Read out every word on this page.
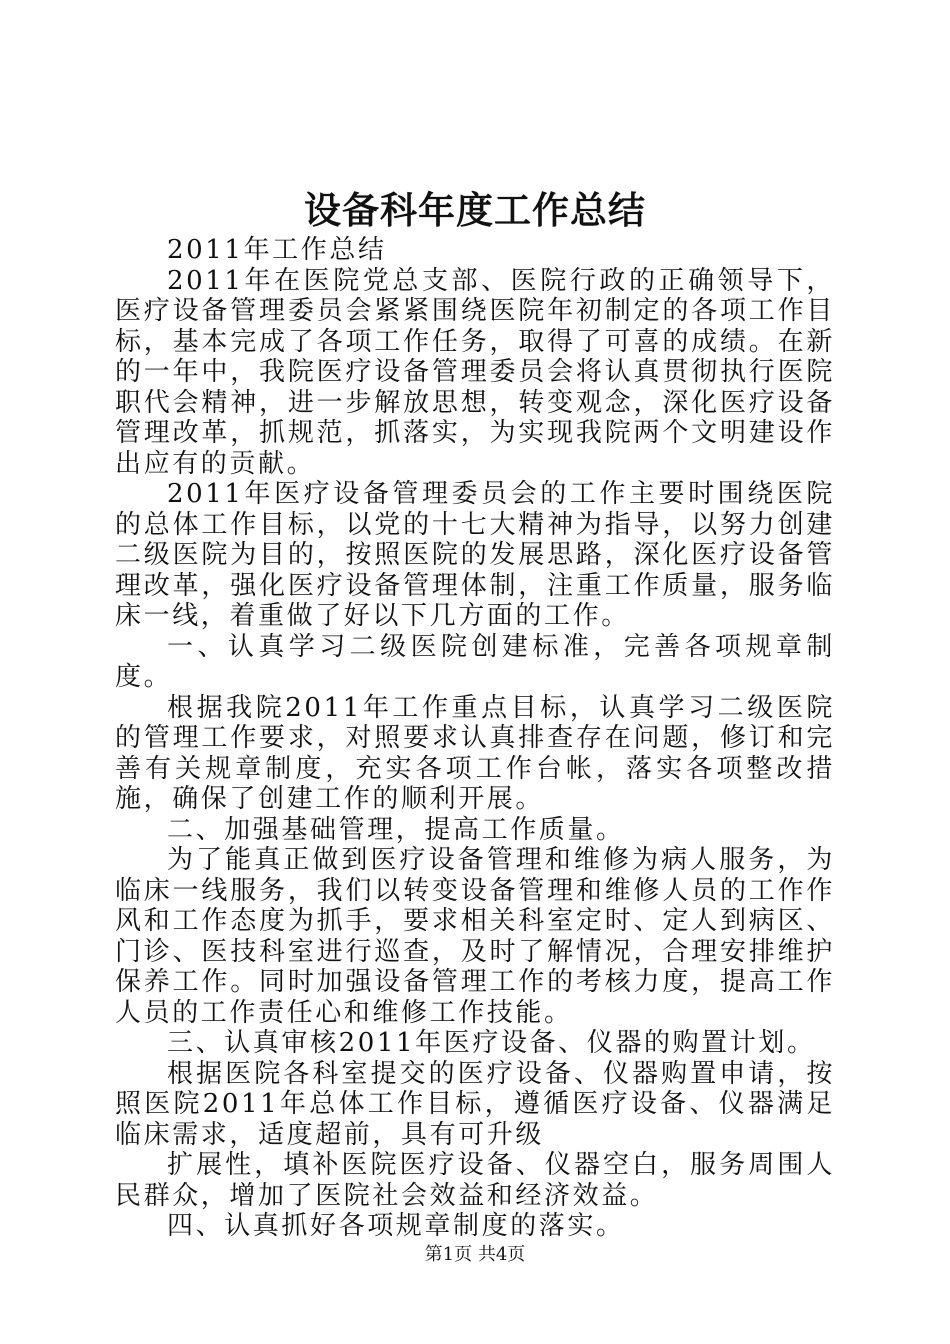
设备科年度工作总结

2011年工作总结

2011年在医院党总支部、医院行政的正确领导下，医疗设备管理委员会紧紧围绕医院年初制定的各项工作目标，基本完成了各项工作任务，取得了可喜的成绩。在新的一年中，我院医疗设备管理委员会将认真贯彻执行医院职代会精神，进一步解放思想，转变观念，深化医疗设备管理改革，抓规范，抓落实，为实现我院两个文明建设作出应有的贡献。

2011年医疗设备管理委员会的工作主要时围绕医院的总体工作目标，以党的十七大精神为指导，以努力创建二级医院为目的，按照医院的发展思路，深化医疗设备管理改革，强化医疗设备管理体制，注重工作质量，服务临床一线，着重做了好以下几方面的工作。

一、认真学习二级医院创建标准，完善各项规章制度。

根据我院2011年工作重点目标，认真学习二级医院的管理工作要求，对照要求认真排查存在问题，修订和完善有关规章制度，充实各项工作台帐，落实各项整改措施，确保了创建工作的顺利开展。

二、加强基础管理，提高工作质量。

为了能真正做到医疗设备管理和维修为病人服务，为临床一线服务，我们以转变设备管理和维修人员的工作作风和工作态度为抓手，要求相关科室定时、定人到病区、门诊、医技科室进行巡查，及时了解情况，合理安排维护保养工作。同时加强设备管理工作的考核力度，提高工作人员的工作责任心和维修工作技能。

三、认真审核2011年医疗设备、仪器的购置计划。

根据医院各科室提交的医疗设备、仪器购置申请，按照医院2011年总体工作目标，遵循医疗设备、仪器满足临床需求，适度超前，具有可升级

扩展性，填补医院医疗设备、仪器空白，服务周围人民群众，增加了医院社会效益和经济效益。

四、认真抓好各项规章制度的落实。

第1页 共4页
